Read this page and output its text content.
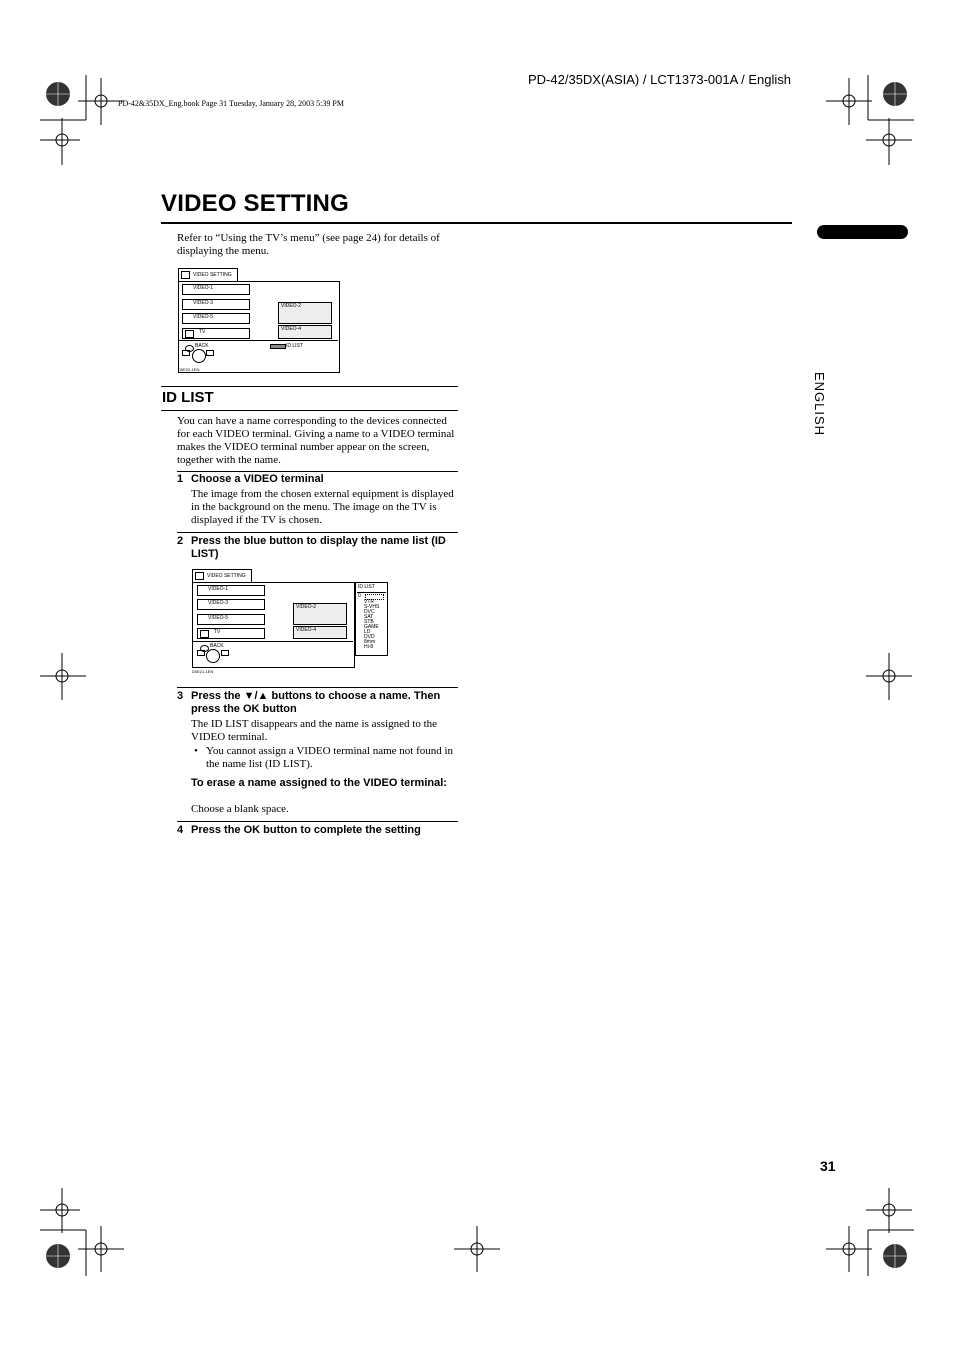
PD-42/35DX(ASIA) / LCT1373-001A / English
PD-42&35DX_Eng.book Page 31 Tuesday, January 28, 2003 5:39 PM
VIDEO SETTING
ENGLISH
Refer to “Using the TV’s menu” (see page 24) for details of displaying the menu.
VIDEO SETTING
VIDEO-1
VIDEO-3
VIDEO-5
TV
VIDEO-2
VIDEO-4
BACK	ID LIST
D0E22-1EN
ID LIST
You can have a name corresponding to the devices connected for each VIDEO terminal. Giving a name to a VIDEO terminal makes the VIDEO terminal number appear on the screen, together with the name.
1 Choose a VIDEO terminal
The image from the chosen external equipment is displayed in the background on the menu. The image on the TV is displayed if the TV is chosen.
2 Press the blue button to display the name list (ID LIST)
VIDEO SETTING
VIDEO-1
VIDEO-3
VIDEO-5
TV
VIDEO-2
VIDEO-4
BACK
D0E21-1EN
ID LIST
0
VTR
S-VHS
DVC
SAT
STB
GAME
LD
DVD
8mm
Hi-8
3 Press the ▼/▲ buttons to choose a name. Then press the OK button
The ID LIST disappears and the name is assigned to the VIDEO terminal.
• You cannot assign a VIDEO terminal name not found in the name list (ID LIST).
To erase a name assigned to the VIDEO terminal:
Choose a blank space.
4 Press the OK button to complete the setting
31
